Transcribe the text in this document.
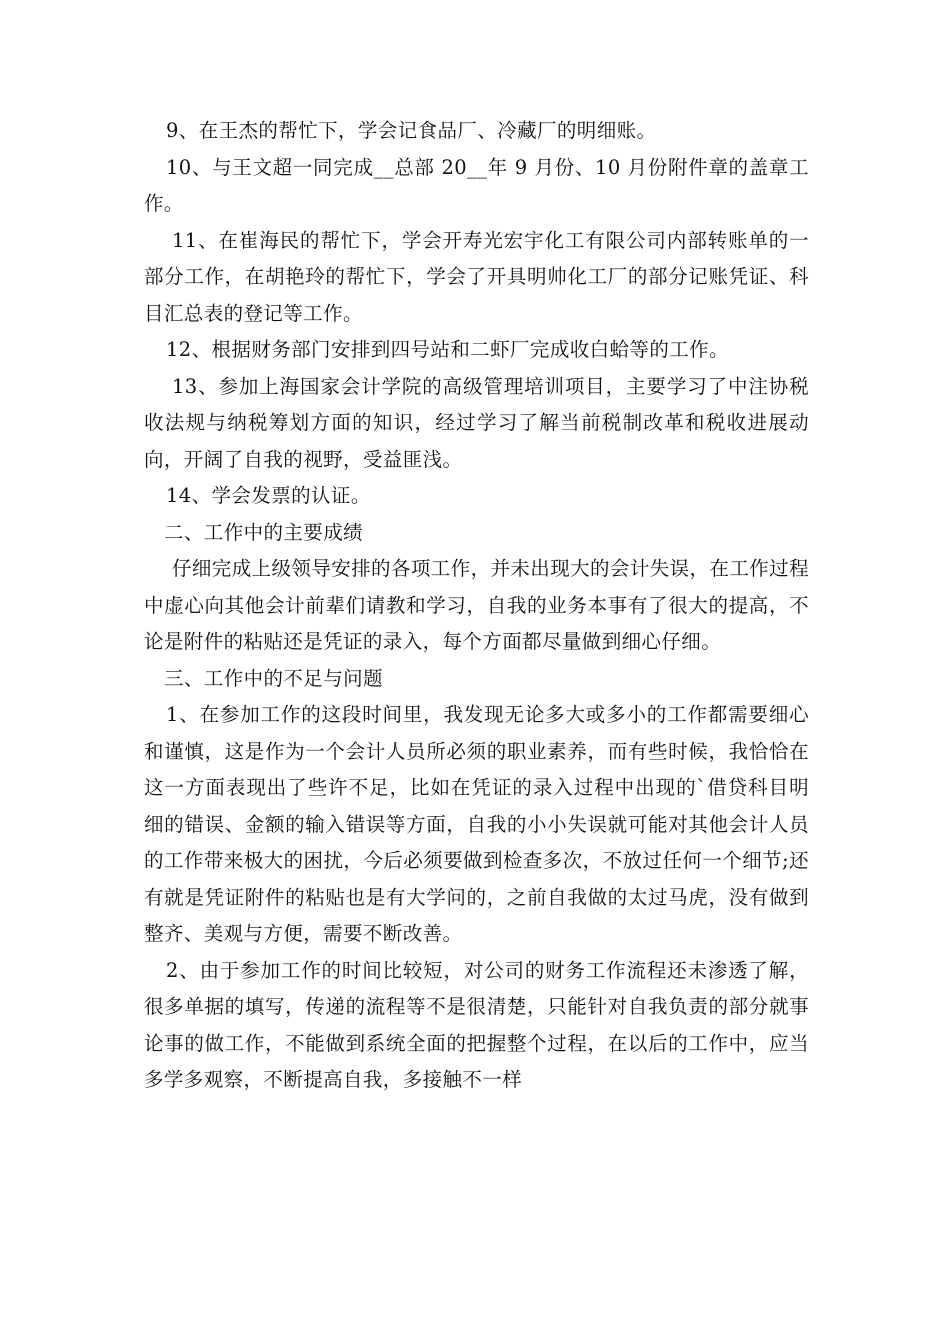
9、在王杰的帮忙下，学会记食品厂、冷藏厂的明细账。

10、与王文超一同完成__总部 20__年 9 月份、10 月份附件章的盖章工作。

11、在崔海民的帮忙下，学会开寿光宏宇化工有限公司内部转账单的一部分工作，在胡艳玲的帮忙下，学会了开具明帅化工厂的部分记账凭证、科目汇总表的登记等工作。

12、根据财务部门安排到四号站和二虾厂完成收白蛤等的工作。

13、参加上海国家会计学院的高级管理培训项目，主要学习了中注协税收法规与纳税筹划方面的知识，经过学习了解当前税制改革和税收进展动向，开阔了自我的视野，受益匪浅。

14、学会发票的认证。

二、工作中的主要成绩

仔细完成上级领导安排的各项工作，并未出现大的会计失误，在工作过程中虚心向其他会计前辈们请教和学习，自我的业务本事有了很大的提高，不论是附件的粘贴还是凭证的录入，每个方面都尽量做到细心仔细。

三、工作中的不足与问题

1、在参加工作的这段时间里，我发现无论多大或多小的工作都需要细心和谨慎，这是作为一个会计人员所必须的职业素养，而有些时候，我恰恰在这一方面表现出了些许不足，比如在凭证的录入过程中出现的`借贷科目明细的错误、金额的输入错误等方面，自我的小小失误就可能对其他会计人员的工作带来极大的困扰，今后必须要做到检查多次，不放过任何一个细节;还有就是凭证附件的粘贴也是有大学问的，之前自我做的太过马虎，没有做到整齐、美观与方便，需要不断改善。

2、由于参加工作的时间比较短，对公司的财务工作流程还未渗透了解，很多单据的填写，传递的流程等不是很清楚，只能针对自我负责的部分就事论事的做工作，不能做到系统全面的把握整个过程，在以后的工作中，应当多学多观察，不断提高自我，多接触不一样
